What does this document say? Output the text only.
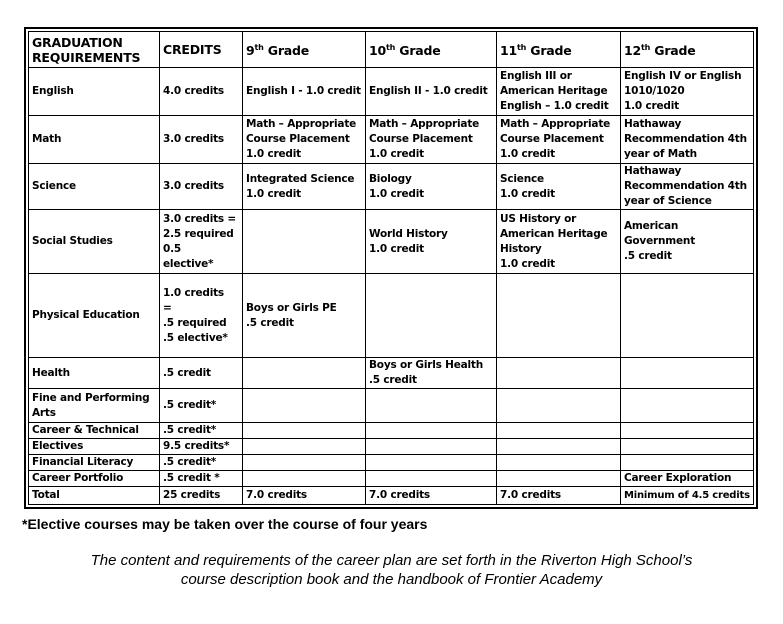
GRADUATION
REQUIREMENTS	CREDITS	9th Grade	10th Grade	11th Grade	12th Grade
English	4.0 credits	English I - 1.0 credit	English II - 1.0 credit	English III or
American Heritage
English – 1.0 credit	English IV or English
1010/1020
1.0 credit
Math	3.0 credits	Math – Appropriate
Course Placement
1.0 credit	Math – Appropriate
Course Placement
1.0 credit	Math – Appropriate
Course Placement
1.0 credit	Hathaway
Recommendation 4th
year of Math
Science	3.0 credits	Integrated Science
1.0 credit	Biology
1.0 credit	Science
1.0 credit	Hathaway
Recommendation 4th
year of Science
Social Studies	3.0 credits =
2.5 required
0.5
elective*		World History
1.0 credit	US History or
American Heritage
History
1.0 credit	American Government
.5 credit
Physical Education	1.0 credits
=
.5 required
.5 elective*	Boys or Girls PE
.5 credit			
Health	.5 credit		Boys or Girls Health
.5 credit		
Fine and Performing
Arts	.5 credit*				
Career & Technical	.5 credit*				
Electives	9.5 credits*				
Financial Literacy	.5 credit*				
Career Portfolio	.5 credit *				Career Exploration
Total	25 credits	7.0 credits	7.0 credits	7.0 credits	Minimum of 4.5 credits
*Elective courses may be taken over the course of four years
The content and requirements of the career plan are set forth in the Riverton High School’s
course description book and the handbook of Frontier Academy
